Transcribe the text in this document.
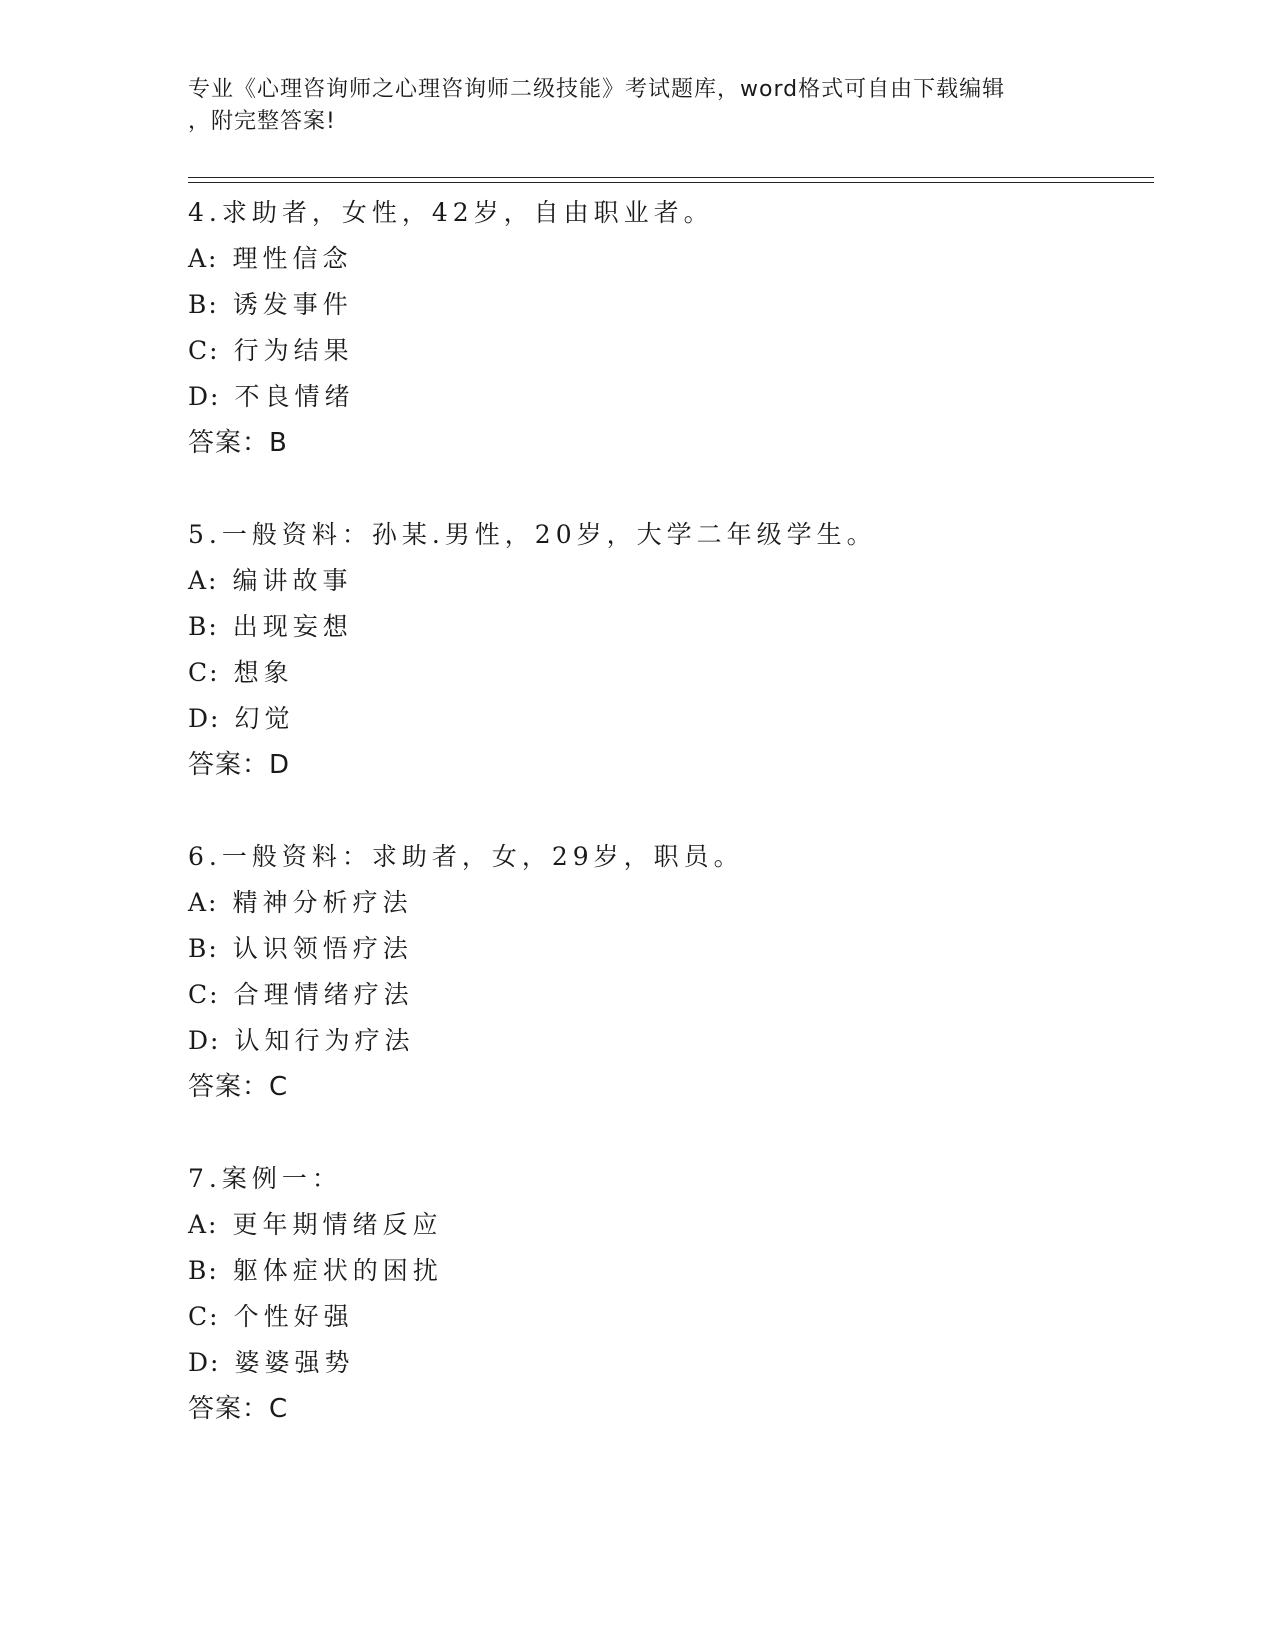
专业《心理咨询师之心理咨询师二级技能》考试题库，word格式可自由下载编辑
，附完整答案!
4.求助者，女性，42岁，自由职业者。
A: 理性信念
B: 诱发事件
C: 行为结果
D: 不良情绪
答案：B
5.一般资料：孙某.男性，20岁，大学二年级学生。
A: 编讲故事
B: 出现妄想
C: 想象
D: 幻觉
答案：D
6.一般资料：求助者，女，29岁，职员。
A: 精神分析疗法
B: 认识领悟疗法
C: 合理情绪疗法
D: 认知行为疗法
答案：C
7.案例一：
A: 更年期情绪反应
B: 躯体症状的困扰
C: 个性好强
D: 婆婆强势
答案：C
